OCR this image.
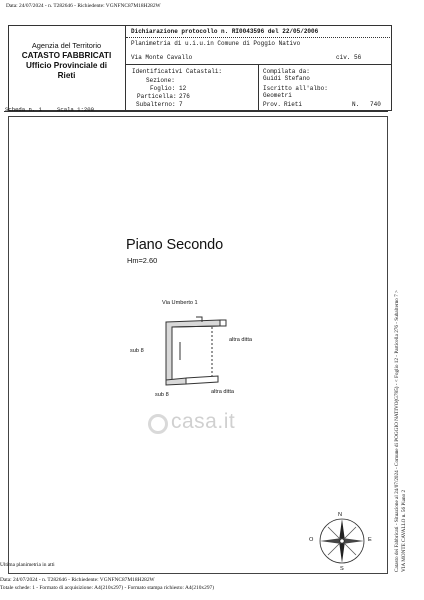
Data: 24/07/2024 - n. T282646 - Richiedente: VGNFNC87M18H282W
Agenzia del Territorio
CATASTO FABBRICATI
Ufficio Provinciale di
Rieti
Dichiarazione protocollo n. RI0043596 del 22/05/2006
Planimetria di u.i.u.in Comune di Poggio Nativo
Via Monte Cavallo	civ. 56
Identificativi Catastali:
Sezione:
Foglio: 12
Particella: 276
Subalterno: 7
Compilata da:
Guidi Stefano
Iscritto all'albo:
Geometri
Prov. Rieti	N. 740
Scheda n. 1	Scala 1:200
Piano Secondo
Hm=2.60
Via Umberto 1
altra ditta
sub 8
sub 8	altra ditta
N
E
S
O
casa.it	Catasto dei Fabbricati - Situazione al 24/07/2024 - Comune di POGGIO NATIVO(G785) - < Foglio 12 - Particella 276 - Subalterno 7 > VIA MONTE CAVALLO n. 56 Piano 2
Ultima planimetria in atti
Data: 24/07/2024 - n. T282646 - Richiedente: VGNFNC87M18H282W
Totale schede: 1 - Formato di acquisizione: A4(210x297) - Formato stampa richiesto: A4(210x297)
